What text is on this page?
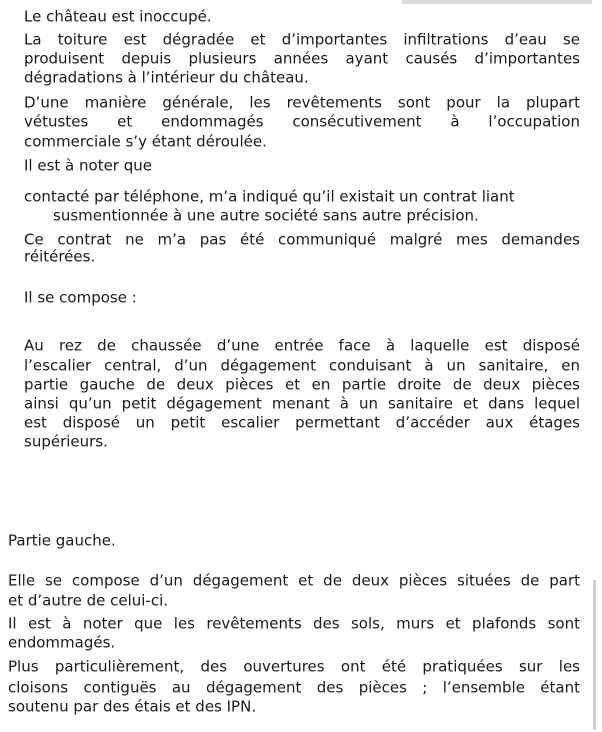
Le château est inoccupé.
La toiture est dégradée et d’importantes infiltrations d’eau se
produisent depuis plusieurs années ayant causés d’importantes
dégradations à l’intérieur du château.
D’une manière générale, les revêtements sont pour la plupart
vétustes et endommagés consécutivement à l’occupation
commerciale s’y étant déroulée.
Il est à noter que
contacté par téléphone, m’a indiqué qu’il existait un contrat liant
susmentionnée à une autre société sans autre précision.
Ce contrat ne m’a pas été communiqué malgré mes demandes
réitérées.
Il se compose :
Au rez de chaussée d’une entrée face à laquelle est disposé
l’escalier central, d’un dégagement conduisant à un sanitaire, en
partie gauche de deux pièces et en partie droite de deux pièces
ainsi qu’un petit dégagement menant à un sanitaire et dans lequel
est disposé un petit escalier permettant d’accéder aux étages
supérieurs.
Partie gauche.
Elle se compose d’un dégagement et de deux pièces situées de part
et d’autre de celui-ci.
Il est à noter que les revêtements des sols, murs et plafonds sont
endommagés.
Plus particulièrement, des ouvertures ont été pratiquées sur les
cloisons contiguës au dégagement des pièces ; l’ensemble étant
soutenu par des étais et des IPN.
